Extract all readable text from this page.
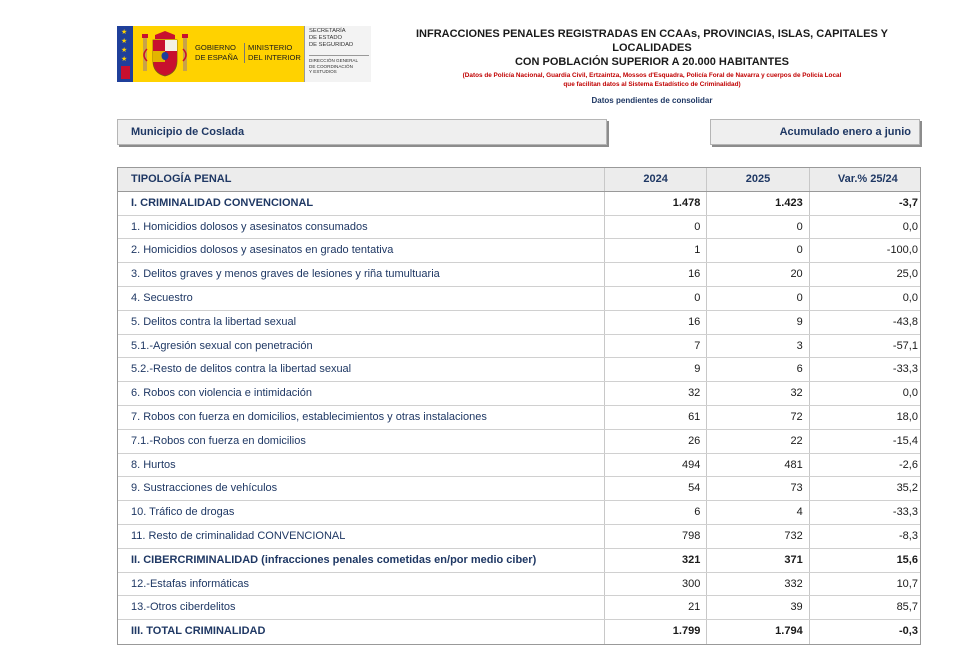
★
★
★
★
GOBIERNO
DE ESPAÑA
MINISTERIO
DEL INTERIOR
SECRETARÍA
DE ESTADO
DE SEGURIDAD
DIRECCIÓN GENERAL
DE COORDINACIÓN
Y ESTUDIOS
INFRACCIONES PENALES REGISTRADAS EN CCAAs, PROVINCIAS, ISLAS, CAPITALES Y LOCALIDADES
CON POBLACIÓN SUPERIOR A 20.000 HABITANTES
(Datos de Policía Nacional, Guardia Civil, Ertzaintza, Mossos d'Esquadra, Policía Foral de Navarra y cuerpos de Policía Local
que facilitan datos al Sistema Estadístico de Criminalidad)
Datos pendientes de consolidar
Municipio de Coslada	Acumulado enero a junio
TIPOLOGÍA PENAL	2024	2025	Var.% 25/24
I. CRIMINALIDAD CONVENCIONAL	1.478	1.423	-3,7
1. Homicidios dolosos y asesinatos consumados	0	0	0,0
2. Homicidios dolosos y asesinatos en grado tentativa	1	0	-100,0
3. Delitos graves y menos graves de lesiones y riña tumultuaria	16	20	25,0
4. Secuestro	0	0	0,0
5. Delitos contra la libertad sexual	16	9	-43,8
5.1.-Agresión sexual con penetración	7	3	-57,1
5.2.-Resto de delitos contra la libertad sexual	9	6	-33,3
6. Robos con violencia e intimidación	32	32	0,0
7. Robos con fuerza en domicilios, establecimientos y otras instalaciones	61	72	18,0
7.1.-Robos con fuerza en domicilios	26	22	-15,4
8. Hurtos	494	481	-2,6
9. Sustracciones de vehículos	54	73	35,2
10. Tráfico de drogas	6	4	-33,3
11. Resto de criminalidad CONVENCIONAL	798	732	-8,3
II. CIBERCRIMINALIDAD (infracciones penales cometidas en/por medio ciber)	321	371	15,6
12.-Estafas informáticas	300	332	10,7
13.-Otros ciberdelitos	21	39	85,7
III. TOTAL CRIMINALIDAD	1.799	1.794	-0,3
